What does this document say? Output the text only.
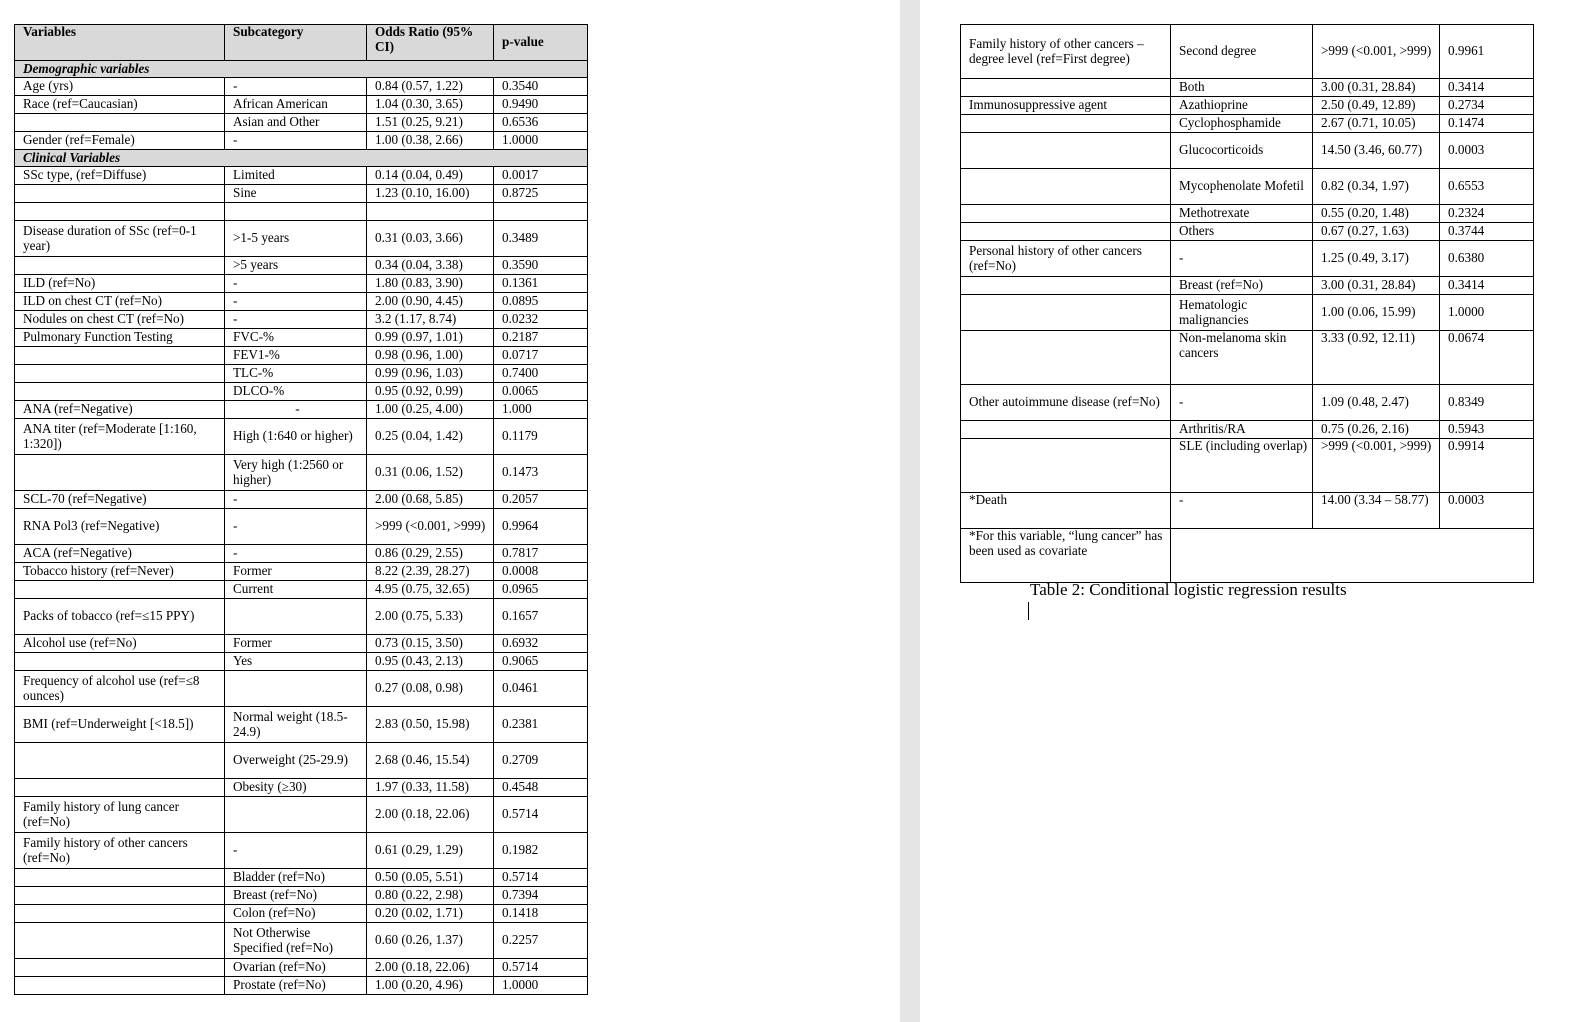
Variables	Subcategory	Odds Ratio (95% CI)	p-value
Demographic variables			
Age (yrs)	-	0.84 (0.57, 1.22)	0.3540
Race (ref=Caucasian)	African American	1.04 (0.30, 3.65)	0.9490
	Asian and Other	1.51 (0.25, 9.21)	0.6536
Gender (ref=Female)	-	1.00 (0.38, 2.66)	1.0000
Clinical Variables			
SSc type, (ref=Diffuse)	Limited	0.14 (0.04, 0.49)	0.0017
	Sine	1.23 (0.10, 16.00)	0.8725

Disease duration of SSc (ref=0-1 year)	>1-5 years	0.31 (0.03, 3.66)	0.3489
	>5 years	0.34 (0.04, 3.38)	0.3590
ILD (ref=No)	-	1.80 (0.83, 3.90)	0.1361
ILD on chest CT (ref=No)	-	2.00 (0.90, 4.45)	0.0895
Nodules on chest CT (ref=No)	-	3.2 (1.17, 8.74)	0.0232
Pulmonary Function Testing	FVC-%	0.99 (0.97, 1.01)	0.2187
	FEV1-%	0.98 (0.96, 1.00)	0.0717
	TLC-%	0.99 (0.96, 1.03)	0.7400
	DLCO-%	0.95 (0.92, 0.99)	0.0065
ANA (ref=Negative)	-	1.00 (0.25, 4.00)	1.000
ANA titer (ref=Moderate [1:160, 1:320])	High (1:640 or higher)	0.25 (0.04, 1.42)	0.1179
	Very high (1:2560 or higher)	0.31 (0.06, 1.52)	0.1473
SCL-70 (ref=Negative)	-	2.00 (0.68, 5.85)	0.2057
RNA Pol3 (ref=Negative)	-	>999 (<0.001, >999)	0.9964
ACA (ref=Negative)	-	0.86 (0.29, 2.55)	0.7817
Tobacco history (ref=Never)	Former	8.22 (2.39, 28.27)	0.0008
	Current	4.95 (0.75, 32.65)	0.0965
Packs of tobacco (ref=≤15 PPY)		2.00 (0.75, 5.33)	0.1657
Alcohol use (ref=No)	Former	0.73 (0.15, 3.50)	0.6932
	Yes	0.95 (0.43, 2.13)	0.9065
Frequency of alcohol use (ref=≤8 ounces)		0.27 (0.08, 0.98)	0.0461
BMI (ref=Underweight [<18.5])	Normal weight (18.5-24.9)	2.83 (0.50, 15.98)	0.2381
	Overweight (25-29.9)	2.68 (0.46, 15.54)	0.2709
	Obesity (≥30)	1.97 (0.33, 11.58)	0.4548
Family history of lung cancer (ref=No)		2.00 (0.18, 22.06)	0.5714
Family history of other cancers (ref=No)	-	0.61 (0.29, 1.29)	0.1982
	Bladder (ref=No)	0.50 (0.05, 5.51)	0.5714
	Breast (ref=No)	0.80 (0.22, 2.98)	0.7394
	Colon (ref=No)	0.20 (0.02, 1.71)	0.1418
	Not Otherwise Specified (ref=No)	0.60 (0.26, 1.37)	0.2257
	Ovarian (ref=No)	2.00 (0.18, 22.06)	0.5714
	Prostate (ref=No)	1.00 (0.20, 4.96)	1.0000
Family history of other cancers – degree level (ref=First degree)	Second degree	>999 (<0.001, >999)	0.9961
	Both	3.00 (0.31, 28.84)	0.3414
Immunosuppressive agent	Azathioprine	2.50 (0.49, 12.89)	0.2734
	Cyclophosphamide	2.67 (0.71, 10.05)	0.1474
	Glucocorticoids	14.50 (3.46, 60.77)	0.0003
	Mycophenolate Mofetil	0.82 (0.34, 1.97)	0.6553
	Methotrexate	0.55 (0.20, 1.48)	0.2324
	Others	0.67 (0.27, 1.63)	0.3744
Personal history of other cancers (ref=No)	-	1.25 (0.49, 3.17)	0.6380
	Breast (ref=No)	3.00 (0.31, 28.84)	0.3414
	Hematologic malignancies	1.00 (0.06, 15.99)	1.0000
	Non-melanoma skin cancers	3.33 (0.92, 12.11)	0.0674
Other autoimmune disease (ref=No)	-	1.09 (0.48, 2.47)	0.8349
	Arthritis/RA	0.75 (0.26, 2.16)	0.5943
	SLE (including overlap)	>999 (<0.001, >999)	0.9914
*Death	-	14.00 (3.34 – 58.77)	0.0003
*For this variable, “lung cancer” has been used as covariate			
Table 2: Conditional logistic regression results
